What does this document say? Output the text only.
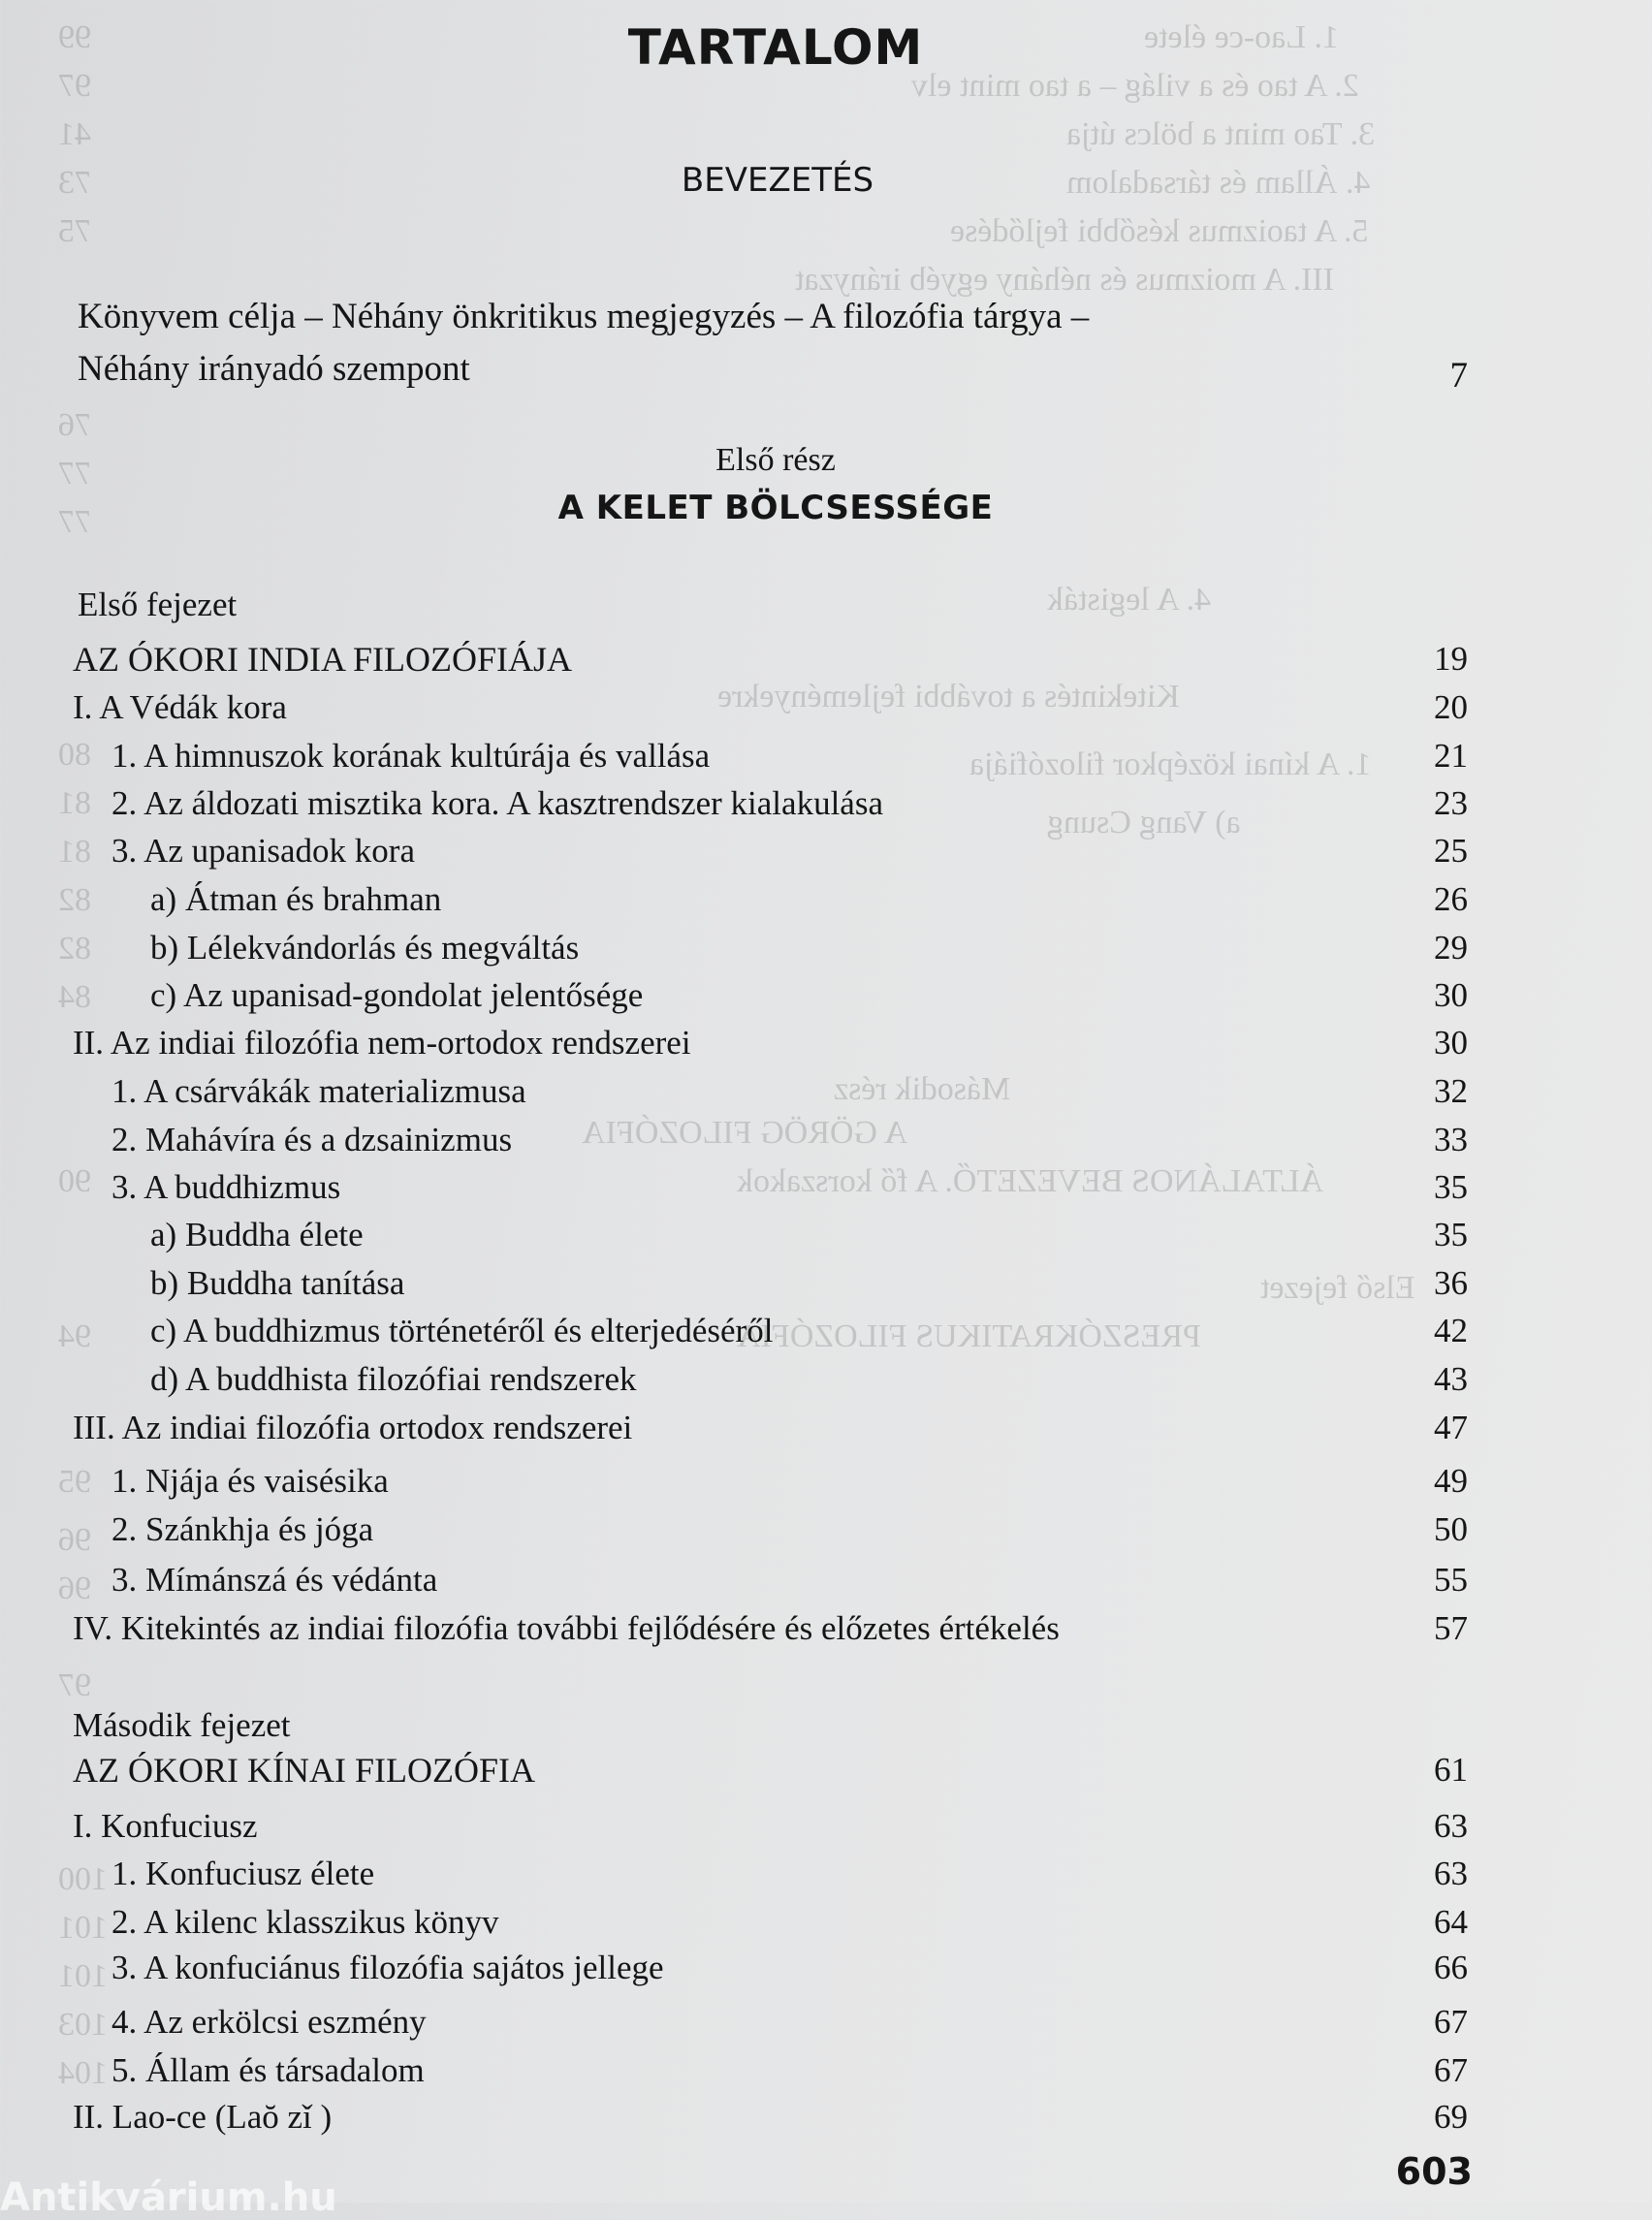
1. Lao-ce élete
2. A tao és a világ – a tao mint elv
3. Tao mint a bölcs útja
4. Állam és társadalom
5. A taoizmus későbbi fejlődése
III. A moizmus és néhány egyéb irányzat
4. A legisták
Kitekintés a további fejleményekre
1. A kínai középkor filozófiája
a) Vang Csung
80
81
81
82
82
84
Második rész
A GÖRÖG FILOZÓFIA
ÁLTALÁNOS BEVEZETŐ. A fő korszakok
90
Első fejezet
PRESZÓKRATIKUS FILOZÓFIA
94
95
96
96
97
100
101
101
103
104
99
97
41
73
75
76
77
77
TARTALOM
BEVEZETÉS
Könyvem célja – Néhány önkritikus megjegyzés – A filozófia tárgya –
Néhány irányadó szempont	7
Első rész
A KELET BÖLCSESSÉGE
Első fejezet
AZ ÓKORI INDIA FILOZÓFIÁJA	19
I. A Védák kora	20
1. A himnuszok korának kultúrája és vallása	21
2. Az áldozati misztika kora. A kasztrendszer kialakulása	23
3. Az upanisadok kora	25
a) Átman és brahman	26
b) Lélekvándorlás és megváltás	29
c) Az upanisad-gondolat jelentősége	30
II. Az indiai filozófia nem-ortodox rendszerei	30
1. A csárvákák materializmusa	32
2. Mahávíra és a dzsainizmus	33
3. A buddhizmus	35
a) Buddha élete	35
b) Buddha tanítása	36
c) A buddhizmus történetéről és elterjedéséről	42
d) A buddhista filozófiai rendszerek	43
III. Az indiai filozófia ortodox rendszerei	47
1. Njája és vaisésika	49
2. Szánkhja és jóga	50
3. Mímánszá és védánta	55
IV. Kitekintés az indiai filozófia további fejlődésére és előzetes értékelés	57
Második fejezet
AZ ÓKORI KÍNAI FILOZÓFIA	61
I. Konfuciusz	63
1. Konfuciusz élete	63
2. A kilenc klasszikus könyv	64
3. A konfuciánus filozófia sajátos jellege	66
4. Az erkölcsi eszmény	67
5. Állam és társadalom	67
II. Lao-ce (Laŏ zǐ )	69
603
Antikvárium.hu
